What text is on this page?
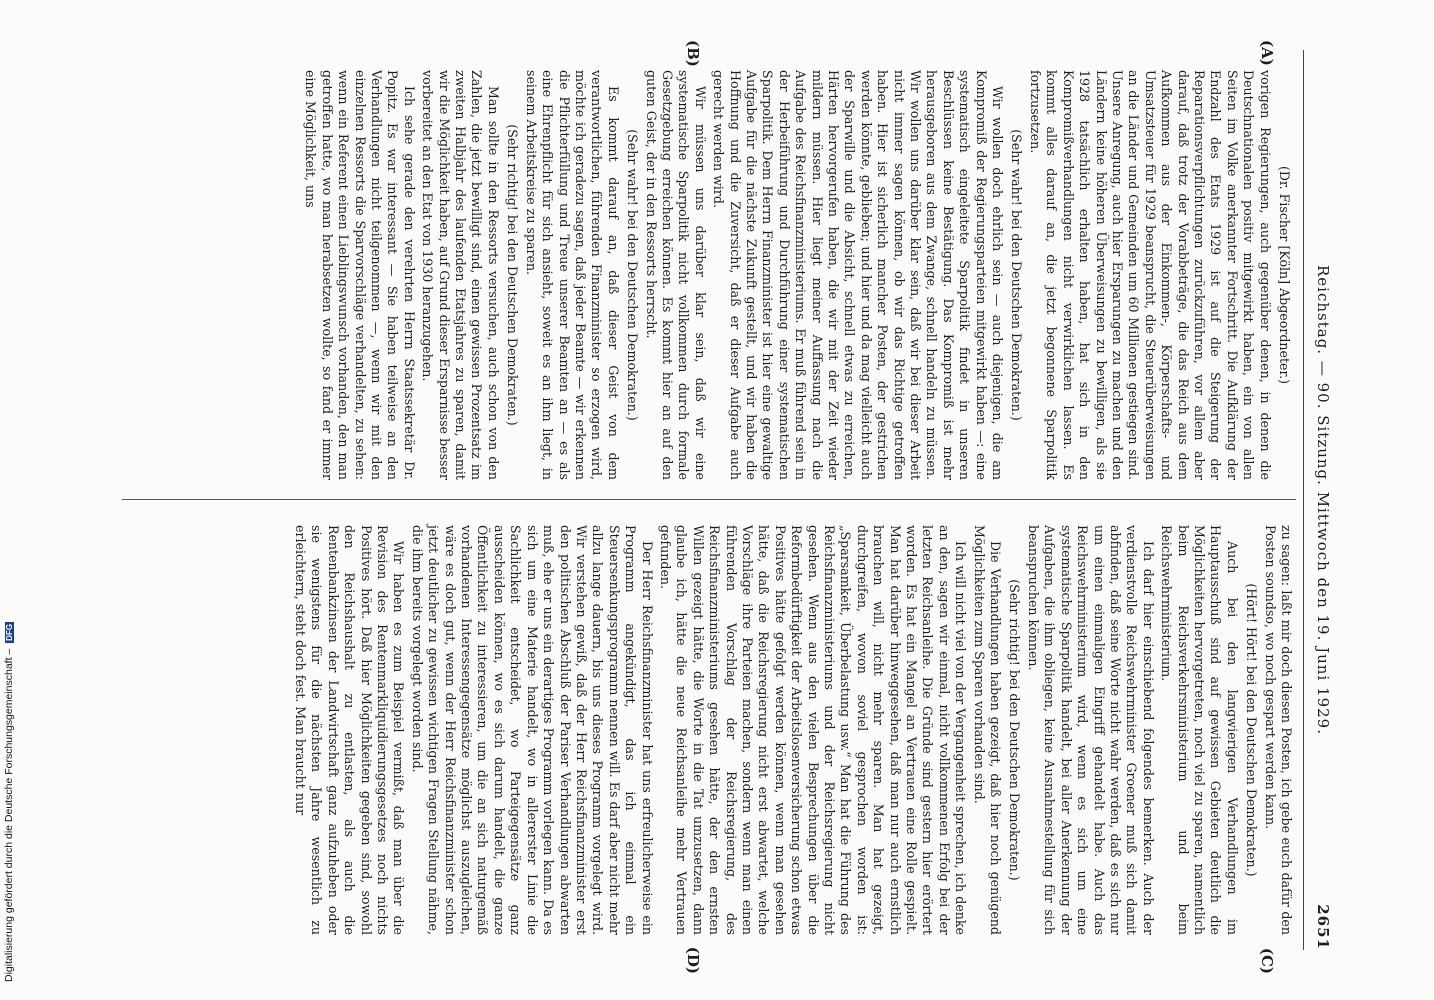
Reichstag. — 90. Sitzung. Mittwoch den 19. Juni 1929.
2651
(A)
(B)
(C)
(D)

(Dr. Fischer [Köln] Abgeordneter.)

vorigen Regierungen, auch gegenüber denen, in denen die Deutschnationalen positiv mitgewirkt haben, ein von allen Seiten im Volke anerkannter Fortschritt. Die Aufklärung der Endzahl des Etats 1929 ist auf die Steigerung der Reparationsverpflichtungen zurückzuführen, vor allem aber darauf, daß trotz der Vorabbeträge, die das Reich aus dem Aufkommen aus der Einkommen-, Körperschafts- und Umsatzsteuer für 1929 beansprucht, die Steuerüberweisungen an die Länder und Gemeinden um 60 Millionen gestiegen sind. Unsere Anregung, auch hier Ersparungen zu machen und den Ländern keine höheren Überweisungen zu bewilligen, als sie 1928 tatsächlich erhalten haben, hat sich in den Kompromißverhandlungen nicht verwirklichen lassen. Es kommt alles darauf an, die jetzt begonnene Sparpolitik fortzusetzen.

(Sehr wahr! bei den Deutschen Demokraten.)

Wir wollen doch ehrlich sein — auch diejenigen, die am Kompromiß der Regierungsparteien mitgewirkt haben —: eine systematisch eingeleitete Sparpolitik findet in unseren Beschlüssen keine Bestätigung. Das Kompromiß ist mehr herausgeboren aus dem Zwange, schnell handeln zu müssen. Wir wollen uns darüber klar sein, daß wir bei dieser Arbeit nicht immer sagen können, ob wir das Richtige getroffen haben. Hier ist sicherlich mancher Posten, der gestrichen werden könnte, geblieben; und hier und da mag vielleicht auch der Sparwille und die Absicht, schnell etwas zu erreichen, Härten hervorgerufen haben, die wir mit der Zeit wieder mildern müssen. Hier liegt meiner Auffassung nach die Aufgabe des Reichsfinanzministeriums. Er muß führend sein in der Herbeiführung und Durchführung einer systematischen Sparpolitik. Dem Herrn Finanzminister ist hier eine gewaltige Aufgabe für die nächste Zukunft gestellt, und wir haben die Hoffnung und die Zuversicht, daß er dieser Aufgabe auch gerecht werden wird.

Wir müssen uns darüber klar sein, daß wir eine systematische Sparpolitik nicht vollkommen durch formale Gesetzgebung erreichen können. Es kommt hier an auf den guten Geist, der in den Ressorts herrscht.

(Sehr wahr! bei den Deutschen Demokraten.)

Es kommt darauf an, daß dieser Geist von dem verantwortlichen, führenden Finanzminister so erzogen wird, möchte ich geradezu sagen, daß jeder Beamte — wir erkennen die Pflichterfüllung und Treue unserer Beamten an — es als eine Ehrenpflicht für sich ansieht, soweit es an ihm liegt, in seinem Arbeitskreise zu sparen.

(Sehr richtig! bei den Deutschen Demokraten.)

Man sollte in den Ressorts versuchen, auch schon von den Zahlen, die jetzt bewilligt sind, einen gewissen Prozentsatz im zweiten Halbjahr des laufenden Etatsjahres zu sparen, damit wir die Möglichkeit haben, auf Grund dieser Ersparnisse besser vorbereitet an den Etat von 1930 heranzugehen.

Ich sehe gerade den verehrten Herrn Staatssekretär Dr. Popitz. Es war interessant — Sie haben teilweise an den Verhandlungen nicht teilgenommen —, wenn wir mit den einzelnen Ressorts die Sparvorschläge verhandelten, zu sehen: wenn ein Referent einen Lieblingswunsch vorhanden, den man getroffen hatte, wo man herabsetzen wollte, so fand er immer eine Möglichkeit, uns

zu sagen: laßt mir doch diesen Posten, ich gebe euch dafür den Posten soundso, wo noch gespart werden kann.

(Hört! Hört! bei den Deutschen Demokraten.)

Auch bei den langwierigen Verhandlungen im Hauptausschuß sind auf gewissen Gebieten deutlich die Möglichkeiten hervorgetreten, noch viel zu sparen, namentlich beim Reichsverkehrsministerium und beim Reichswehrministerium.

Ich darf hier einschiebend folgendes bemerken. Auch der verdienstvolle Reichswehrminister Groener muß sich damit abfinden, daß seine Worte nicht wahr werden, daß es sich nur um einen einmaligen Eingriff gehandelt habe. Auch das Reichswehrministerium wird, wenn es sich um eine systematische Sparpolitik handelt, bei aller Anerkennung der Aufgaben, die ihm obliegen, keine Ausnahmestellung für sich beanspruchen können.

(Sehr richtig! bei den Deutschen Demokraten.)

Die Verhandlungen haben gezeigt, daß hier noch genügend Möglichkeiten zum Sparen vorhanden sind.

Ich will nicht viel von der Vergangenheit sprechen, ich denke an den, sagen wir einmal, nicht vollkommenen Erfolg bei der letzten Reichsanleihe. Die Gründe sind gestern hier erörtert worden. Es hat ein Mangel an Vertrauen eine Rolle gespielt. Man hat darüber hinweggesehen, daß man nur auch ernstlich brauchen will, nicht mehr sparen. Man hat gezeigt, durchgreifen, wovon soviel gesprochen worden ist: „Sparsamkeit, Überbelastung usw.“ Man hat die Führung des Reichsfinanzministeriums und der Reichsregierung nicht gesehen. Wenn aus den vielen Besprechungen über die Reformbedürftigkeit der Arbeitslosenversicherung schon etwas Positives hätte gefolgt werden können, wenn man gesehen hätte, daß die Reichsregierung nicht erst abwartet, welche Vorschläge ihre Parteien machen, sondern wenn man einen führenden Vorschlag der Reichsregierung, des Reichsfinanzministeriums gesehen hätte, der den ernsten Willen gezeigt hätte, die Worte in die Tat umzusetzen, dann glaube ich, hätte die neue Reichsanleihe mehr Vertrauen gefunden.

Der Herr Reichsfinanzminister hat uns erfreulicherweise ein Programm angekündigt, das ich einmal ein Steuersenkungsprogramm nennen will. Es darf aber nicht mehr allzu lange dauern, bis uns dieses Programm vorgelegt wird. Wir verstehen gewiß, daß der Herr Reichsfinanzminister erst den politischen Abschluß der Pariser Verhandlungen abwarten muß, ehe er uns ein derartiges Programm vorlegen kann. Da es sich um eine Materie handelt, wo in allererster Linie die Sachlichkeit entscheidet, wo Parteigegensätze ganz ausscheiden können, wo es sich darum handelt, die ganze Öffentlichkeit zu interessieren, um die an sich naturgemäß vorhandenen Interessengegensätze möglichst auszugleichen, wäre es doch gut, wenn der Herr Reichsfinanzminister schon jetzt deutlicher zu gewissen wichtigen Fragen Stellung nähme, die ihm bereits vorgelegt worden sind.

Wir haben es zum Beispiel vermißt, daß man über die Revision des Rentenmarkliquidierungsgesetzes noch nichts Positives hört. Daß hier Möglichkeiten gegeben sind, sowohl den Reichshaushalt zu entlasten, als auch die Rentenbankzinsen der Landwirtschaft ganz aufzuheben oder sie wenigstens für die nächsten Jahre wesentlich zu erleichtern, steht doch fest. Man braucht nur

Digitalisierung gefördert durch die Deutsche Forschungsgemeinschaft – DFG
